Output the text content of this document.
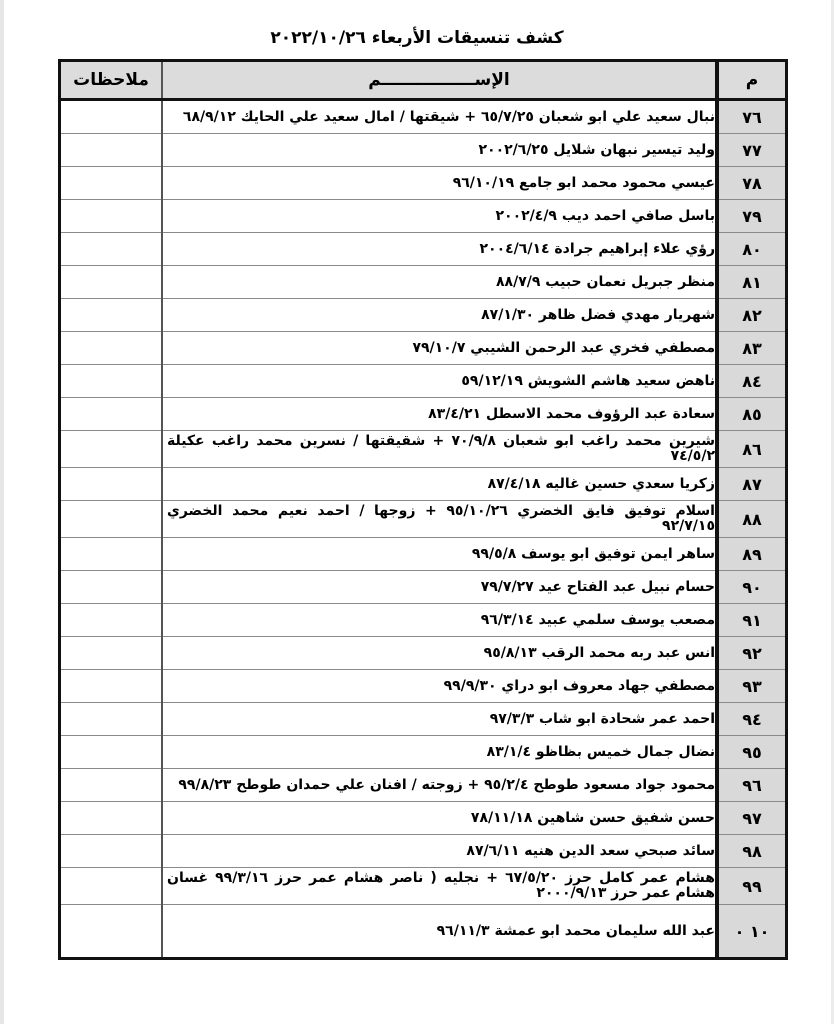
كشف تنسيقات الأربعاء ٢٠٢٢/١٠/٢٦
م	الإســــــــــــــــم	ملاحظات
٧٦	نبال سعيد علي ابو شعبان ٦٥/٧/٢٥ + شيقتها / امال سعيد علي الحايك ٦٨/٩/١٢	
٧٧	وليد تيسير نبهان شلايل ٢٠٠٢/٦/٢٥	
٧٨	عيسي محمود محمد ابو جامع ٩٦/١٠/١٩	
٧٩	باسل صافي احمد ديب ٢٠٠٢/٤/٩	
٨٠	رؤي علاء إبراهيم جرادة ٢٠٠٤/٦/١٤	
٨١	منظر جبريل نعمان حبيب ٨٨/٧/٩	
٨٢	شهريار مهدي فضل ظاهر ٨٧/١/٣٠	
٨٣	مصطفي فخري عبد الرحمن الشيبي ٧٩/١٠/٧	
٨٤	ناهض سعيد هاشم الشويش ٥٩/١٢/١٩	
٨٥	سعادة عبد الرؤوف محمد الاسطل ٨٣/٤/٢١	
٨٦	شيرين محمد راغب ابو شعبان ٧٠/٩/٨ + شقيقتها / نسرين محمد راغب عكيلة ٧٤/٥/٢	
٨٧	زكريا سعدي حسين غاليه ٨٧/٤/١٨	
٨٨	اسلام توفيق فايق الخضري ٩٥/١٠/٢٦ + زوجها / احمد نعيم محمد الخضري ٩٢/٧/١٥	
٨٩	ساهر ايمن توفيق ابو يوسف ٩٩/٥/٨	
٩٠	حسام نبيل عبد الفتاح عيد ٧٩/٧/٢٧	
٩١	مصعب يوسف سلمي عبيد ٩٦/٣/١٤	
٩٢	انس عبد ربه محمد الرقب ٩٥/٨/١٣	
٩٣	مصطفي جهاد معروف ابو دراي ٩٩/٩/٣٠	
٩٤	احمد عمر شحادة ابو شاب ٩٧/٣/٣	
٩٥	نضال جمال خميس بظاظو ٨٣/١/٤	
٩٦	محمود جواد مسعود طوطح ٩٥/٢/٤ + زوجته / افنان علي حمدان طوطح ٩٩/٨/٢٣	
٩٧	حسن شفيق حسن شاهين ٧٨/١١/١٨	
٩٨	سائد صبحي سعد الدين هنيه ٨٧/٦/١١	
٩٩	هشام عمر كامل حرز ٦٧/٥/٢٠ + نجليه ( ناصر هشام عمر حرز ٩٩/٣/١٦ غسان هشام عمر حرز ٢٠٠٠/٩/١٣	
١٠ ٠	عبد الله سليمان محمد ابو عمشة ٩٦/١١/٣	
